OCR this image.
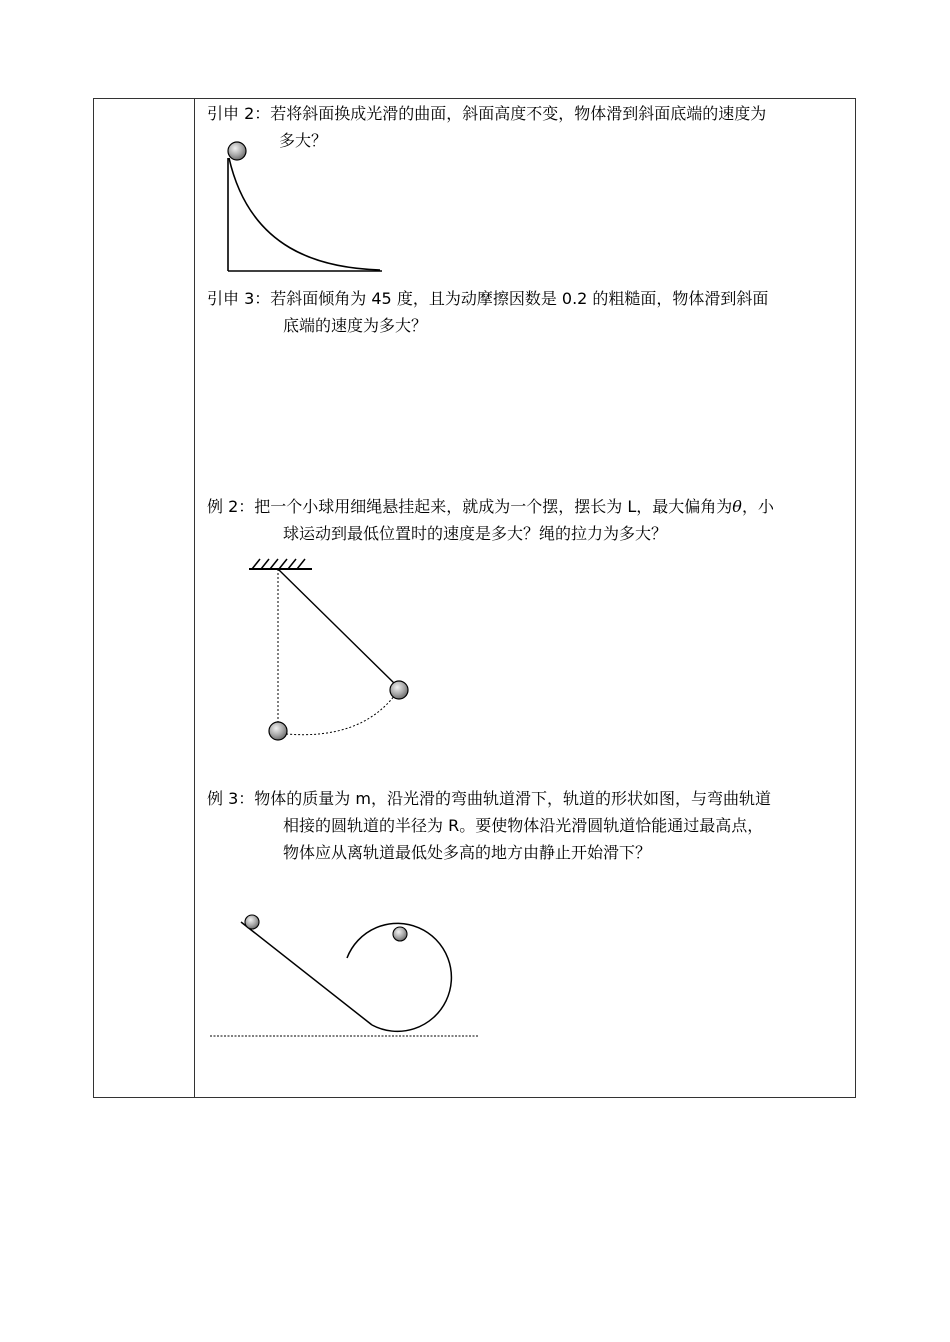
引申 2：若将斜面换成光滑的曲面，斜面高度不变，物体滑到斜面底端的速度为
多大？
引申 3：若斜面倾角为 45 度，且为动摩擦因数是 0.2 的粗糙面，物体滑到斜面
底端的速度为多大？
例 2：把一个小球用细绳悬挂起来，就成为一个摆，摆长为 L，最大偏角为θ，小
球运动到最低位置时的速度是多大？绳的拉力为多大？
例 3：物体的质量为 m，沿光滑的弯曲轨道滑下，轨道的形状如图，与弯曲轨道
相接的圆轨道的半径为 R。要使物体沿光滑圆轨道恰能通过最高点，
物体应从离轨道最低处多高的地方由静止开始滑下？
